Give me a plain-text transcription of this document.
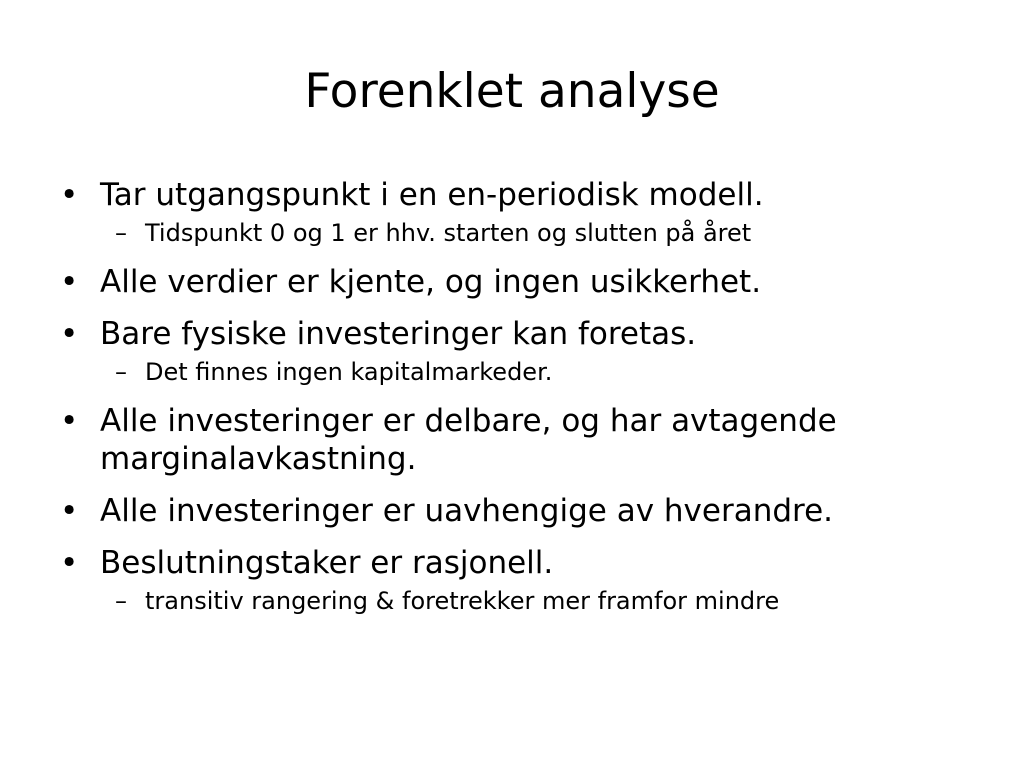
Forenklet analyse
• Tar utgangspunkt i en en-periodisk modell.
– Tidspunkt 0 og 1 er hhv. starten og slutten på året
• Alle verdier er kjente, og ingen usikkerhet.
• Bare fysiske investeringer kan foretas.
– Det finnes ingen kapitalmarkeder.
• Alle investeringer er delbare, og har avtagende marginalavkastning.
• Alle investeringer er uavhengige av hverandre.
• Beslutningstaker er rasjonell.
– transitiv rangering & foretrekker mer framfor mindre
